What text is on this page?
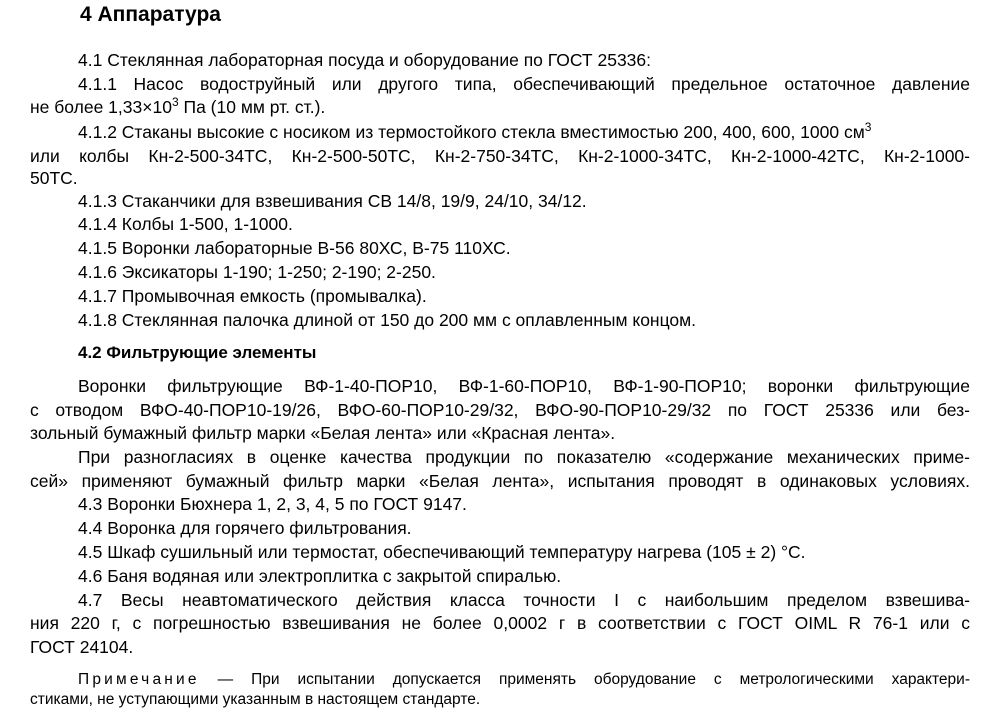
4 Аппаратура
4.1 Стеклянная лабораторная посуда и оборудование по ГОСТ 25336:
4.1.1 Насос водоструйный или другого типа, обеспечивающий предельное остаточное давление
не более $1,33\times 10^3$ Па (10 мм рт. ст.).
4.1.2 Стаканы высокие с носиком из термостойкого стекла вместимостью 200, 400, 600, 1000 $см^3$
или колбы Кн-2-500-34ТС, Кн-2-500-50ТС, Кн-2-750-34ТС, Кн-2-1000-34ТС, Кн-2-1000-42ТС, Кн-2-1000-
50ТС.
4.1.3 Стаканчики для взвешивания СВ 14/8, 19/9, 24/10, 34/12.
4.1.4 Колбы 1-500, 1-1000.
4.1.5 Воронки лабораторные В-56 80ХС, В-75 110ХС.
4.1.6 Эксикаторы 1-190; 1-250; 2-190; 2-250.
4.1.7 Промывочная емкость (промывалка).
4.1.8 Стеклянная палочка длиной от 150 до 200 мм с оплавленным концом.
4.2 Фильтрующие элементы
Воронки фильтрующие ВФ-1-40-ПОР10, ВФ-1-60-ПОР10, ВФ-1-90-ПОР10; воронки фильтрующие
с отводом ВФО-40-ПОР10-19/26, ВФО-60-ПОР10-29/32, ВФО-90-ПОР10-29/32 по ГОСТ 25336 или без-
зольный бумажный фильтр марки «Белая лента» или «Красная лента».
При разногласиях в оценке качества продукции по показателю «содержание механических приме-
сей» применяют бумажный фильтр марки «Белая лента», испытания проводят в одинаковых условиях.
4.3 Воронки Бюхнера 1, 2, 3, 4, 5 по ГОСТ 9147.
4.4 Воронка для горячего фильтрования.
4.5 Шкаф сушильный или термостат, обеспечивающий температуру нагрева (105 ± 2) °С.
4.6 Баня водяная или электроплитка с закрытой спиралью.
4.7 Весы неавтоматического действия класса точности I с наибольшим пределом взвешива-
ния 220 г, с погрешностью взвешивания не более 0,0002 г в соответствии с ГОСТ OIML R 76-1 или с
ГОСТ 24104.
Примечание — При испытании допускается применять оборудование с метрологическими характери-
стиками, не уступающими указанным в настоящем стандарте.
